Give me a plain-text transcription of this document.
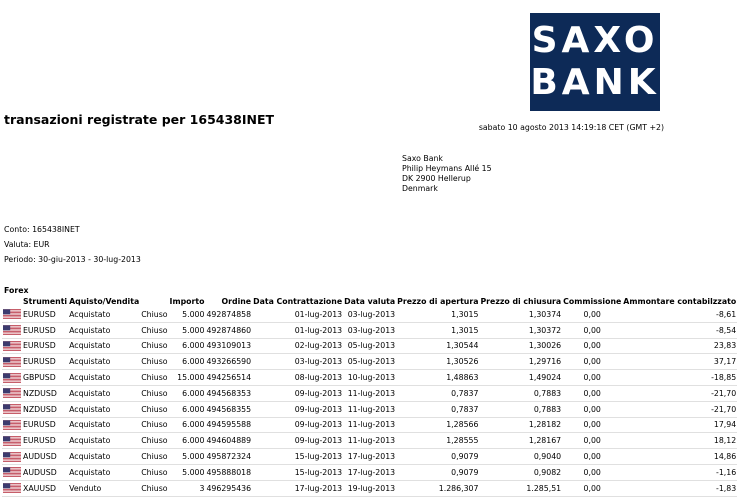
SAXO
BANK
transazioni registrate per 165438INET
sabato 10 agosto 2013 14:19:18 CET (GMT +2)
Saxo Bank
Philip Heymans Allé 15
DK 2900 Hellerup
Denmark
Conto: 165438INET
Valuta: EUR
Periodo: 30-giu-2013 - 30-lug-2013
Forex
	Strumenti	Aquisto/Vendita		Importo	Ordine	Data Contrattazione	Data valuta	Prezzo di apertura	Prezzo di chiusura	Commissione	Ammontare contabilzzato

	EURUSD	Acquistato	Chiuso	5.000	492874858	01-lug-2013	03-lug-2013	1,3015	1,30374	0,00	-8,61

	EURUSD	Acquistato	Chiuso	5.000	492874860	01-lug-2013	03-lug-2013	1,3015	1,30372	0,00	-8,54

	EURUSD	Acquistato	Chiuso	6.000	493109013	02-lug-2013	05-lug-2013	1,30544	1,30026	0,00	23,83

	EURUSD	Acquistato	Chiuso	6.000	493266590	03-lug-2013	05-lug-2013	1,30526	1,29716	0,00	37,17

	GBPUSD	Acquistato	Chiuso	15.000	494256514	08-lug-2013	10-lug-2013	1,48863	1,49024	0,00	-18,85

	NZDUSD	Acquistato	Chiuso	6.000	494568353	09-lug-2013	11-lug-2013	0,7837	0,7883	0,00	-21,70

	NZDUSD	Acquistato	Chiuso	6.000	494568355	09-lug-2013	11-lug-2013	0,7837	0,7883	0,00	-21,70

	EURUSD	Acquistato	Chiuso	6.000	494595588	09-lug-2013	11-lug-2013	1,28566	1,28182	0,00	17,94

	EURUSD	Acquistato	Chiuso	6.000	494604889	09-lug-2013	11-lug-2013	1,28555	1,28167	0,00	18,12

	AUDUSD	Acquistato	Chiuso	5.000	495872324	15-lug-2013	17-lug-2013	0,9079	0,9040	0,00	14,86

	AUDUSD	Acquistato	Chiuso	5.000	495888018	15-lug-2013	17-lug-2013	0,9079	0,9082	0,00	-1,16

	XAUUSD	Venduto	Chiuso	3	496295436	17-lug-2013	19-lug-2013	1.286,307	1.285,51	0,00	-1,83
